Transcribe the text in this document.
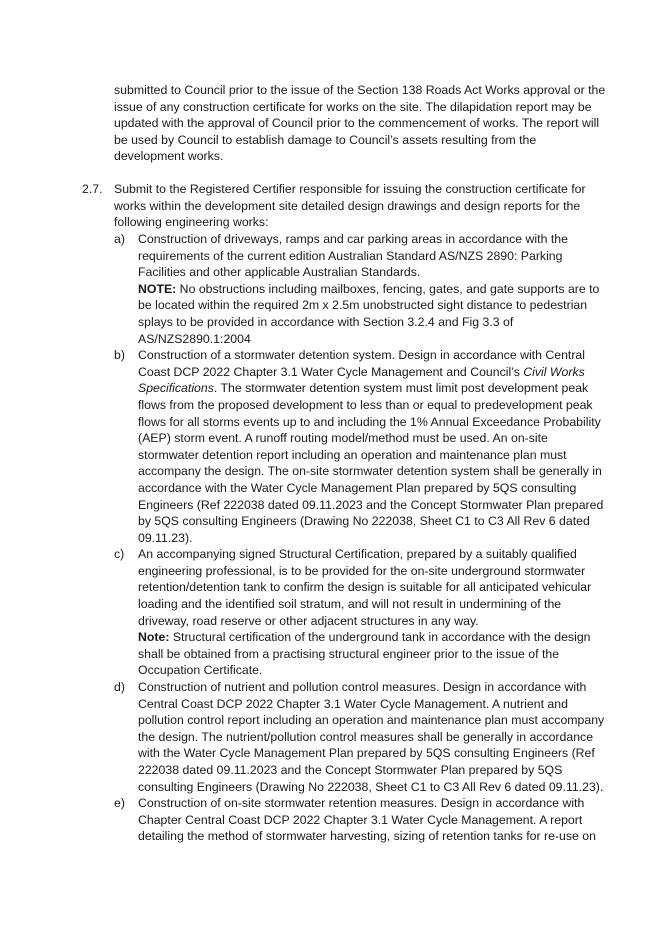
submitted to Council prior to the issue of the Section 138 Roads Act Works approval or the issue of any construction certificate for works on the site. The dilapidation report may be updated with the approval of Council prior to the commencement of works. The report will be used by Council to establish damage to Council’s assets resulting from the development works.
2.7. Submit to the Registered Certifier responsible for issuing the construction certificate for works within the development site detailed design drawings and design reports for the following engineering works:
a) Construction of driveways, ramps and car parking areas in accordance with the requirements of the current edition Australian Standard AS/NZS 2890: Parking Facilities and other applicable Australian Standards.
NOTE: No obstructions including mailboxes, fencing, gates, and gate supports are to be located within the required 2m x 2.5m unobstructed sight distance to pedestrian splays to be provided in accordance with Section 3.2.4 and Fig 3.3 of AS/NZS2890.1:2004
b) Construction of a stormwater detention system. Design in accordance with Central Coast DCP 2022 Chapter 3.1 Water Cycle Management and Council’s Civil Works Specifications. The stormwater detention system must limit post development peak flows from the proposed development to less than or equal to predevelopment peak flows for all storms events up to and including the 1% Annual Exceedance Probability (AEP) storm event. A runoff routing model/method must be used. An on-site stormwater detention report including an operation and maintenance plan must accompany the design. The on-site stormwater detention system shall be generally in accordance with the Water Cycle Management Plan prepared by 5QS consulting Engineers (Ref 222038 dated 09.11.2023 and the Concept Stormwater Plan prepared by 5QS consulting Engineers (Drawing No 222038, Sheet C1 to C3 All Rev 6 dated 09.11.23).
c) An accompanying signed Structural Certification, prepared by a suitably qualified engineering professional, is to be provided for the on-site underground stormwater retention/detention tank to confirm the design is suitable for all anticipated vehicular loading and the identified soil stratum, and will not result in undermining of the driveway, road reserve or other adjacent structures in any way.
Note: Structural certification of the underground tank in accordance with the design shall be obtained from a practising structural engineer prior to the issue of the Occupation Certificate.
d) Construction of nutrient and pollution control measures. Design in accordance with Central Coast DCP 2022 Chapter 3.1 Water Cycle Management. A nutrient and pollution control report including an operation and maintenance plan must accompany the design. The nutrient/pollution control measures shall be generally in accordance with the Water Cycle Management Plan prepared by 5QS consulting Engineers (Ref 222038 dated 09.11.2023 and the Concept Stormwater Plan prepared by 5QS consulting Engineers (Drawing No 222038, Sheet C1 to C3 All Rev 6 dated 09.11.23).
e) Construction of on-site stormwater retention measures. Design in accordance with Chapter Central Coast DCP 2022 Chapter 3.1 Water Cycle Management. A report detailing the method of stormwater harvesting, sizing of retention tanks for re-use on
